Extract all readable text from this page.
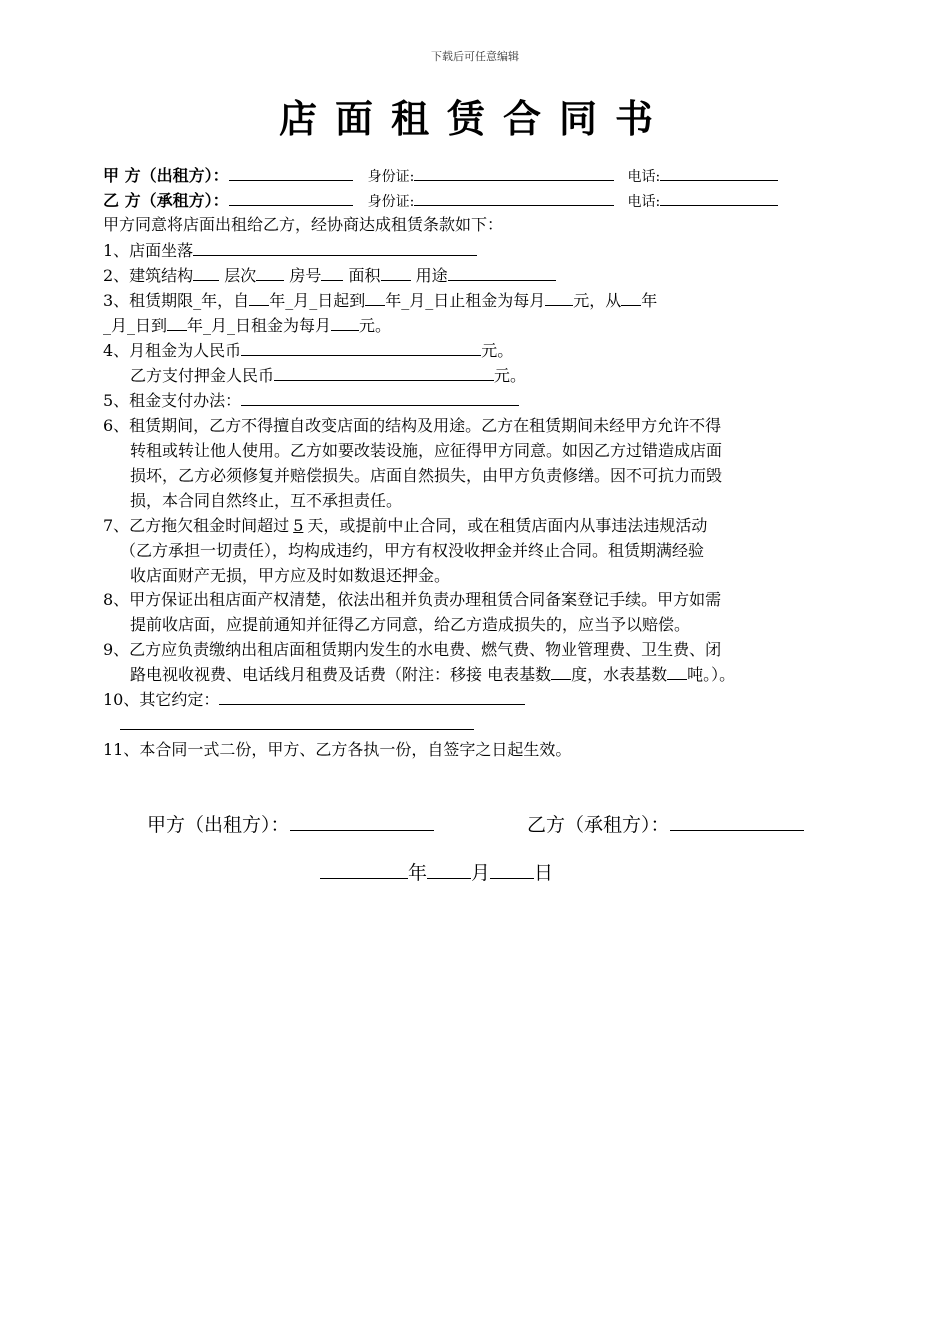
下载后可任意编辑
店面租赁合同书
甲 方（出租方）：	身份证:	电话:
乙 方（承租方）：	身份证:	电话:
甲方同意将店面出租给乙方，经协商达成租赁条款如下：
1、店面坐落
2、建筑结构 层次 房号 面积 用途
3、租赁期限_年，自 年_月_日起到 年_月_日止租金为每月 元，从 年
_月_日到 年_月_日租金为每月 元。
4、月租金为人民币	元。
乙方支付押金人民币	元。
5、租金支付办法：
6、租赁期间，乙方不得擅自改变店面的结构及用途。乙方在租赁期间未经甲方允许不得
转租或转让他人使用。乙方如要改装设施，应征得甲方同意。如因乙方过错造成店面
损坏，乙方必须修复并赔偿损失。店面自然损失，由甲方负责修缮。因不可抗力而毁
损，本合同自然终止，互不承担责任。
7、乙方拖欠租金时间超过 5 天，或提前中止合同，或在租赁店面内从事违法违规活动
（乙方承担一切责任），均构成违约，甲方有权没收押金并终止合同。租赁期满经验
收店面财产无损，甲方应及时如数退还押金。
8、甲方保证出租店面产权清楚，依法出租并负责办理租赁合同备案登记手续。甲方如需
提前收店面，应提前通知并征得乙方同意，给乙方造成损失的，应当予以赔偿。
9、乙方应负责缴纳出租店面租赁期内发生的水电费、燃气费、物业管理费、卫生费、闭
路电视收视费、电话线月租费及话费（附注：移接 电表基数 度，水表基数 吨。）。
10、其它约定：
11、本合同一式二份，甲方、乙方各执一份，自签字之日起生效。
甲方（出租方）：	乙方（承租方）：
年 月 日
